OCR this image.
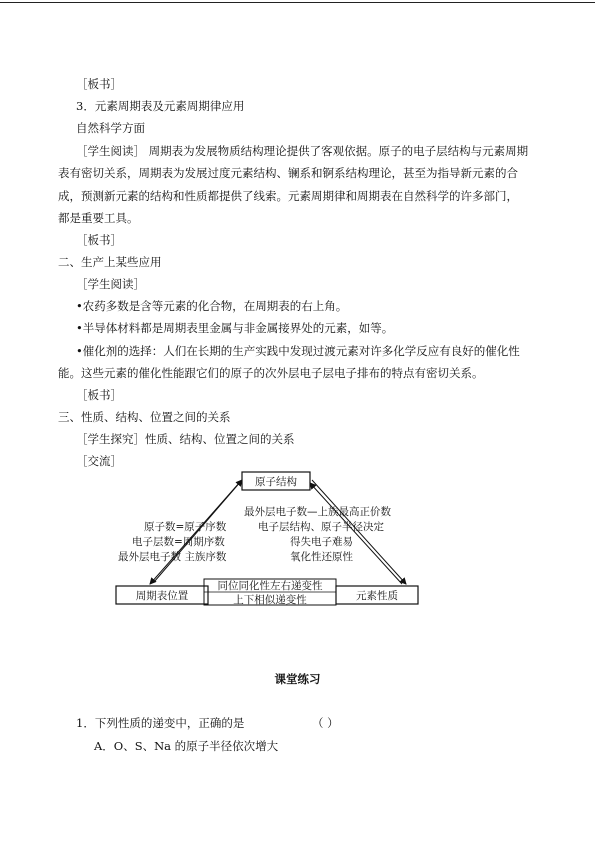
［板书］
3．元素周期表及元素周期律应用
自然科学方面
［学生阅读］ 周期表为发展物质结构理论提供了客观依据。原子的电子层结构与元素周期
表有密切关系，周期表为发展过度元素结构、镧系和锕系结构理论，甚至为指导新元素的合
成，预测新元素的结构和性质都提供了线索。元素周期律和周期表在自然科学的许多部门，
都是重要工具。
［板书］
二、生产上某些应用
［学生阅读］
•农药多数是含等元素的化合物，在周期表的右上角。
•半导体材料都是周期表里金属与非金属接界处的元素，如等。
•催化剂的选择：人们在长期的生产实践中发现过渡元素对许多化学反应有良好的催化性
能。这些元素的催化性能跟它们的原子的次外层电子层电子排布的特点有密切关系。
［板书］
三、性质、结构、位置之间的关系
［学生探究］性质、结构、位置之间的关系
［交流］
原子结构
周期表位置	元素性质
原子数=原子序数
电子层数=周期序数
最外层电子数 主族序数
最外层电子数—上族最高正价数
电子层结构、原子半径决定
得失电子难易
氧化性还原性
同位同化性左右递变性
上下相似递变性
课堂练习
1．下列性质的递变中，正确的是	（ ）
A．O、S、Na 的原子半径依次增大
